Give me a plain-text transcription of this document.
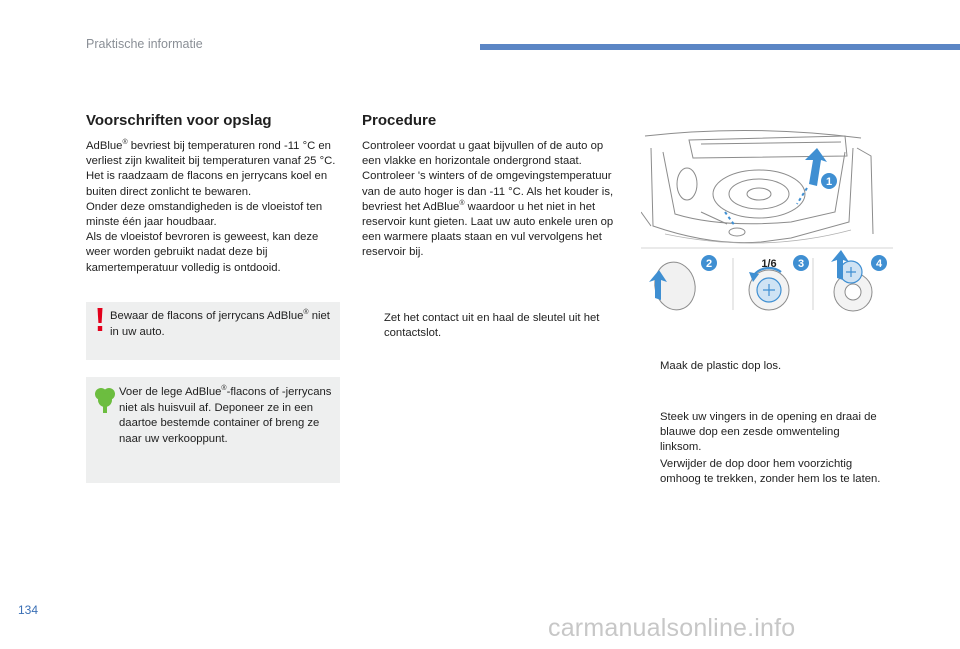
Praktische informatie
Voorschriften voor opslag

AdBlue® bevriest bij temperaturen rond -11 °C en verliest zijn kwaliteit bij temperaturen vanaf 25 °C. Het is raadzaam de flacons en jerrycans koel en buiten direct zonlicht te bewaren.

Onder deze omstandigheden is de vloeistof ten minste één jaar houdbaar.

Als de vloeistof bevroren is geweest, kan deze weer worden gebruikt nadat deze bij kamertemperatuur volledig is ontdooid.

Bewaar de flacons of jerrycans AdBlue® niet in uw auto.
Voer de lege AdBlue®-flacons of -jerrycans niet als huisvuil af. Deponeer ze in een daartoe bestemde container of breng ze naar uw verkooppunt.
Procedure

Controleer voordat u gaat bijvullen of de auto op een vlakke en horizontale ondergrond staat.

Controleer 's winters of de omgevingstemperatuur van de auto hoger is dan -11 °C. Als het kouder is, bevriest het AdBlue® waardoor u het niet in het reservoir kunt gieten. Laat uw auto enkele uren op een warmere plaats staan en vul vervolgens het reservoir bij.

Zet het contact uit en haal de sleutel uit het contactslot.
Maak de plastic dop los.
Steek uw vingers in de opening en draai de blauwe dop een zesde omwenteling linksom.
Verwijder de dop door hem voorzichtig omhoog te trekken, zonder hem los te laten.
1
2	1/6 3	4
134
carmanualsonline.info
